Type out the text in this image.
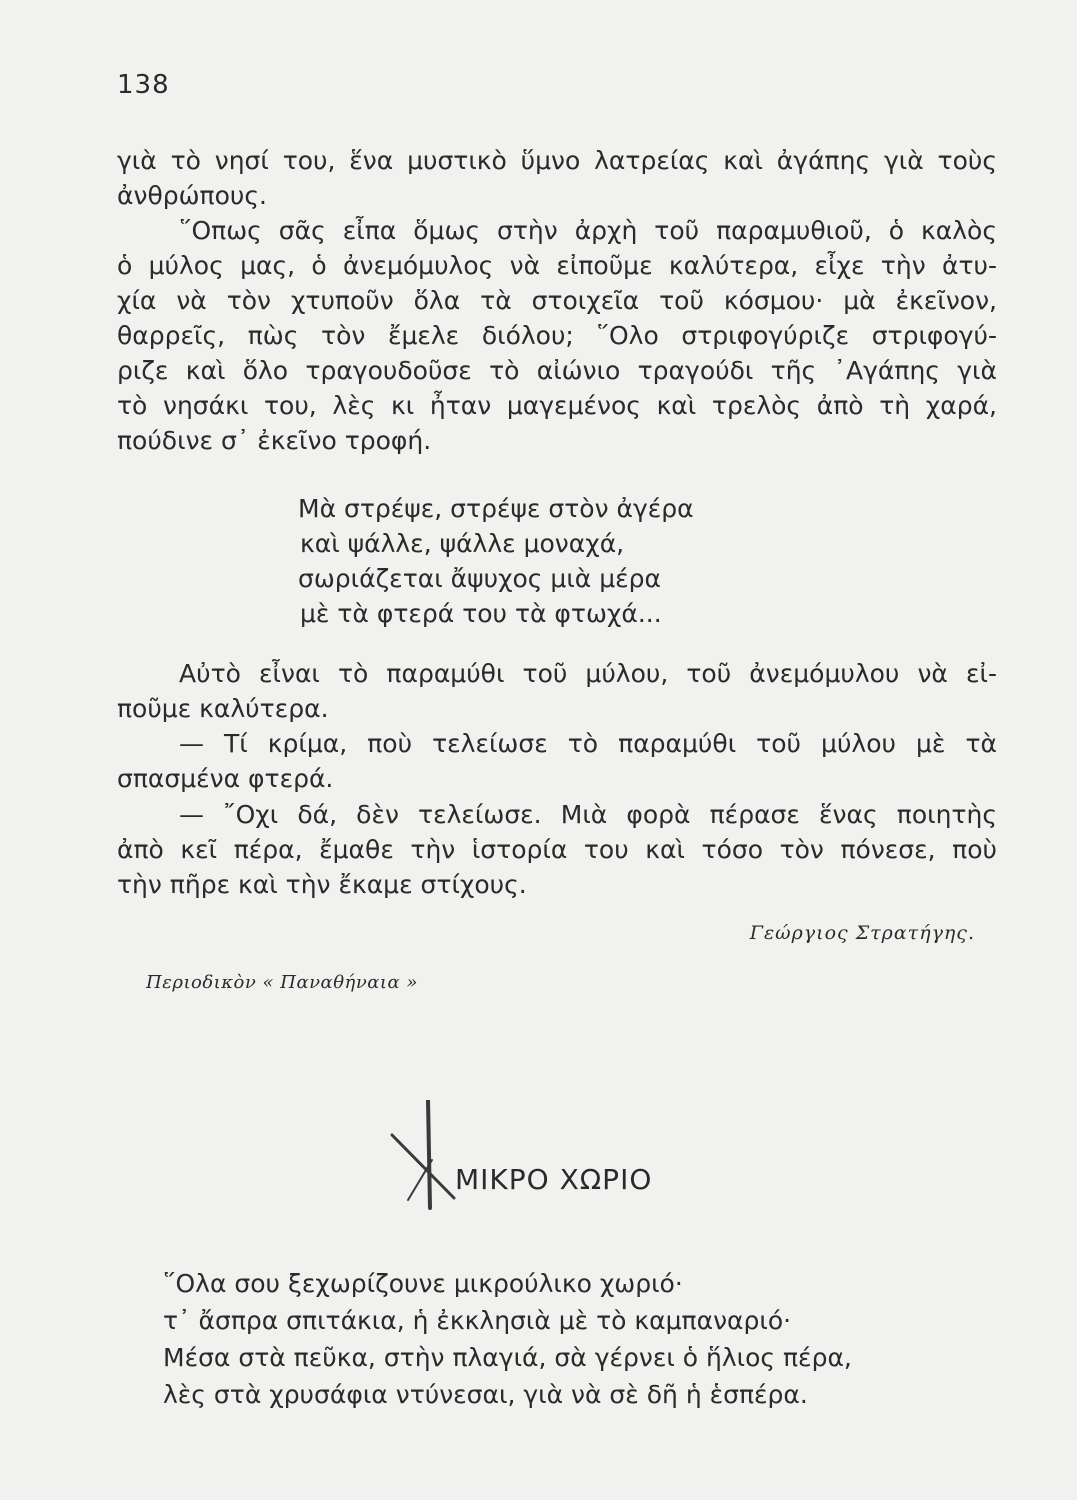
138
γιὰ τὸ νησί του, ἕνα μυστικὸ ὕμνο λατρείας καὶ ἀγάπης γιὰ τοὺς
ἀνθρώπους.
῞Οπως σᾶς εἶπα ὅμως στὴν ἀρχὴ τοῦ παραμυθιοῦ, ὁ καλὸς
ὁ μύλος μας, ὁ ἀνεμόμυλος νὰ εἰποῦμε καλύτερα, εἶχε τὴν ἀτυ-
χία νὰ τὸν χτυποῦν ὅλα τὰ στοιχεῖα τοῦ κόσμου· μὰ ἐκεῖνον,
θαρρεῖς, πὼς τὸν ἔμελε διόλου; ῞Ολο στριφογύριζε στριφογύ-
ριζε καὶ ὅλο τραγουδοῦσε τὸ αἰώνιο τραγούδι τῆς ᾿Αγάπης γιὰ
τὸ νησάκι του, λὲς κι ἦταν μαγεμένος καὶ τρελὸς ἀπὸ τὴ χαρά,
πούδινε σ᾿ ἐκεῖνο τροφή.
Μὰ στρέψε, στρέψε στὸν ἀγέρα
καὶ ψάλλε, ψάλλε μοναχά,
σωριάζεται ἄψυχος μιὰ μέρα
μὲ τὰ φτερά του τὰ φτωχά...
Αὐτὸ εἶναι τὸ παραμύθι τοῦ μύλου, τοῦ ἀνεμόμυλου νὰ εἰ-
ποῦμε καλύτερα.
— Τί κρίμα, ποὺ τελείωσε τὸ παραμύθι τοῦ μύλου μὲ τὰ
σπασμένα φτερά.
— ῎Οχι δά, δὲν τελείωσε. Μιὰ φορὰ πέρασε ἕνας ποιητὴς
ἀπὸ κεῖ πέρα, ἔμαθε τὴν ἱστορία του καὶ τόσο τὸν πόνεσε, ποὺ
τὴν πῆρε καὶ τὴν ἔκαμε στίχους.
Γεώργιος Στρατήγης.
Περιοδικὸν « Παναθήναια »
ΜΙΚΡΟ ΧΩΡΙΟ
῞Ολα σου ξεχωρίζουνε μικρούλικο χωριό·
τ᾿ ἄσπρα σπιτάκια, ἡ ἐκκλησιὰ μὲ τὸ καμπαναριό·
Μέσα στὰ πεῦκα, στὴν πλαγιά, σὰ γέρνει ὁ ἥλιος πέρα,
λὲς στὰ χρυσάφια ντύνεσαι, γιὰ νὰ σὲ δῆ ἡ ἑσπέρα.
